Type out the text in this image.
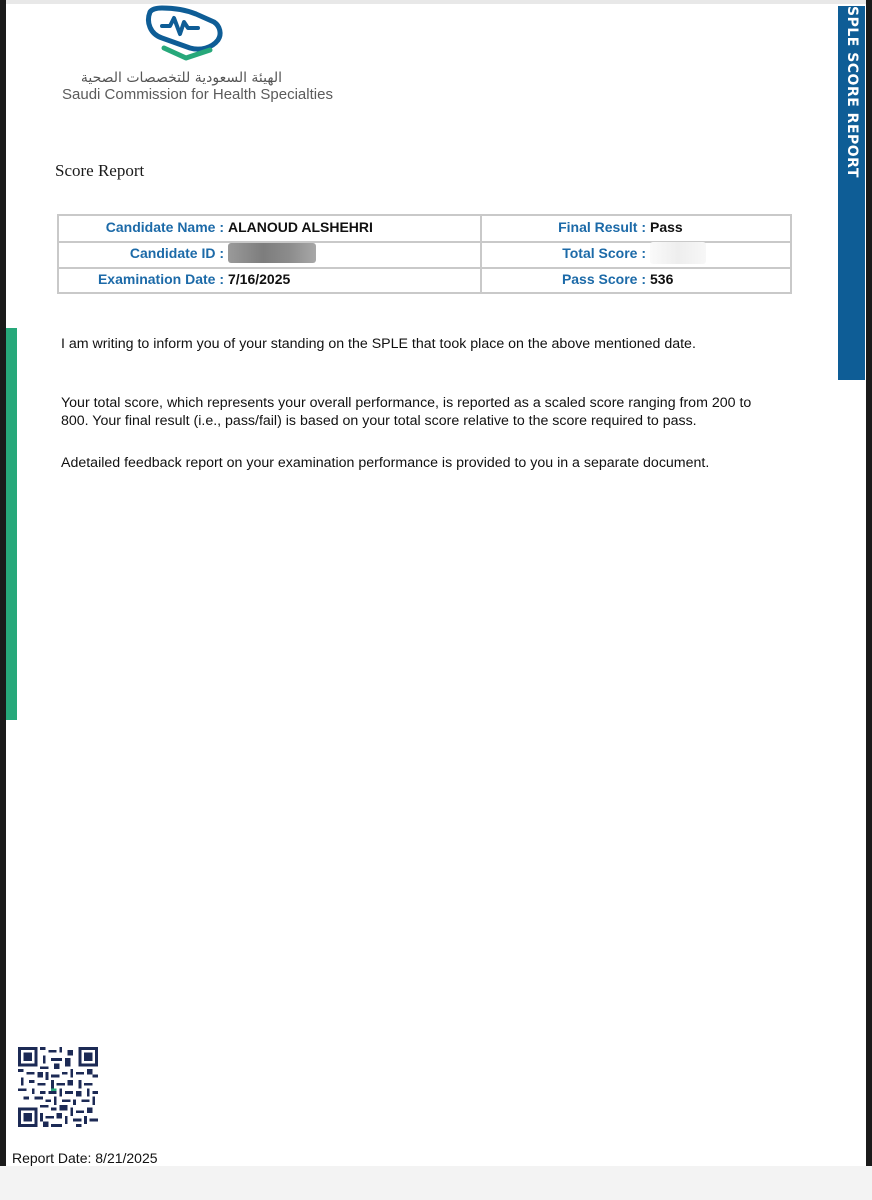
الهيئة السعودية للتخصصات الصحية
Saudi Commission for Health Specialties	SPLE SCORE REPORT
Score Report
Candidate Name : ALANOUD ALSHEHRI	Final Result : Pass
Candidate ID :	Total Score :
Examination Date : 7/16/2025	Pass Score : 536
I am writing to inform you of your standing on the SPLE that took place on the above mentioned date.
Your total score, which represents your overall performance, is reported as a scaled score ranging from 200 to 800. Your final result (i.e., pass/fail) is based on your total score relative to the score required to pass.
Adetailed feedback report on your examination performance is provided to you in a separate document.
Report Date: 8/21/2025
